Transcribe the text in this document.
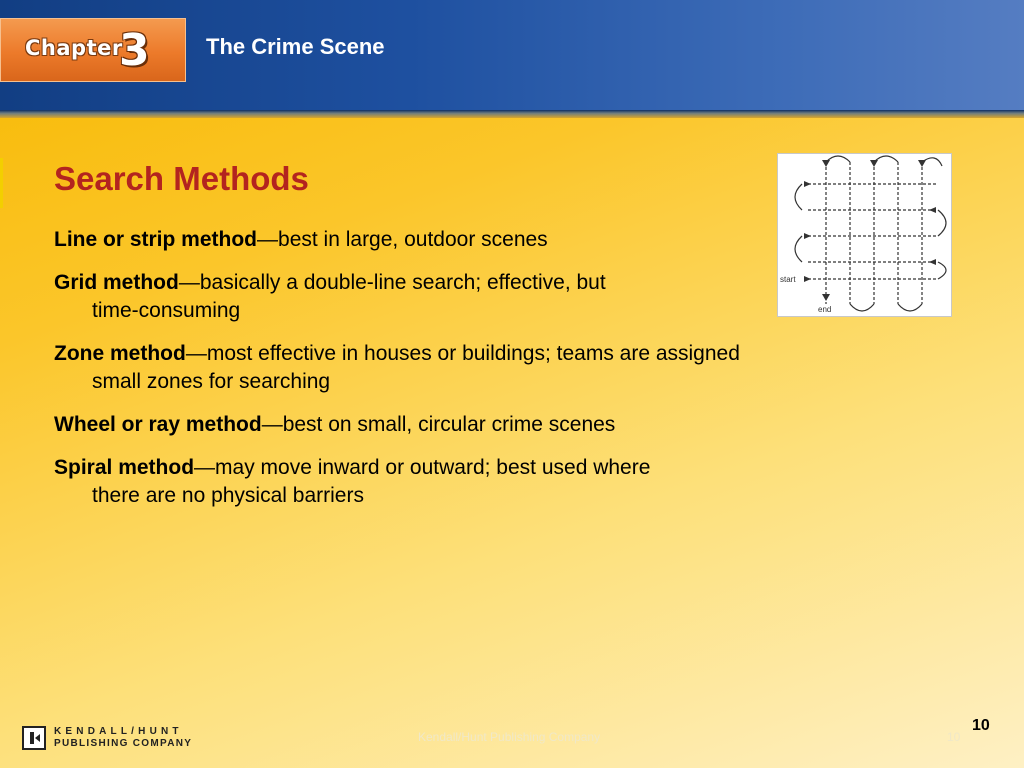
Chapter
3	The Crime Scene
Search Methods
Line or strip method—best in large, outdoor scenes
Grid method—basically a double-line search; effective, but
time-consuming
Zone method—most effective in houses or buildings; teams are assigned
small zones for searching
Wheel or ray method—best on small, circular crime scenes
Spiral method—may move inward or outward; best used where
there are no physical barriers
start
end
KENDALL/HUNT
PUBLISHING COMPANY	Kendall/Hunt Publishing Company	10
10
